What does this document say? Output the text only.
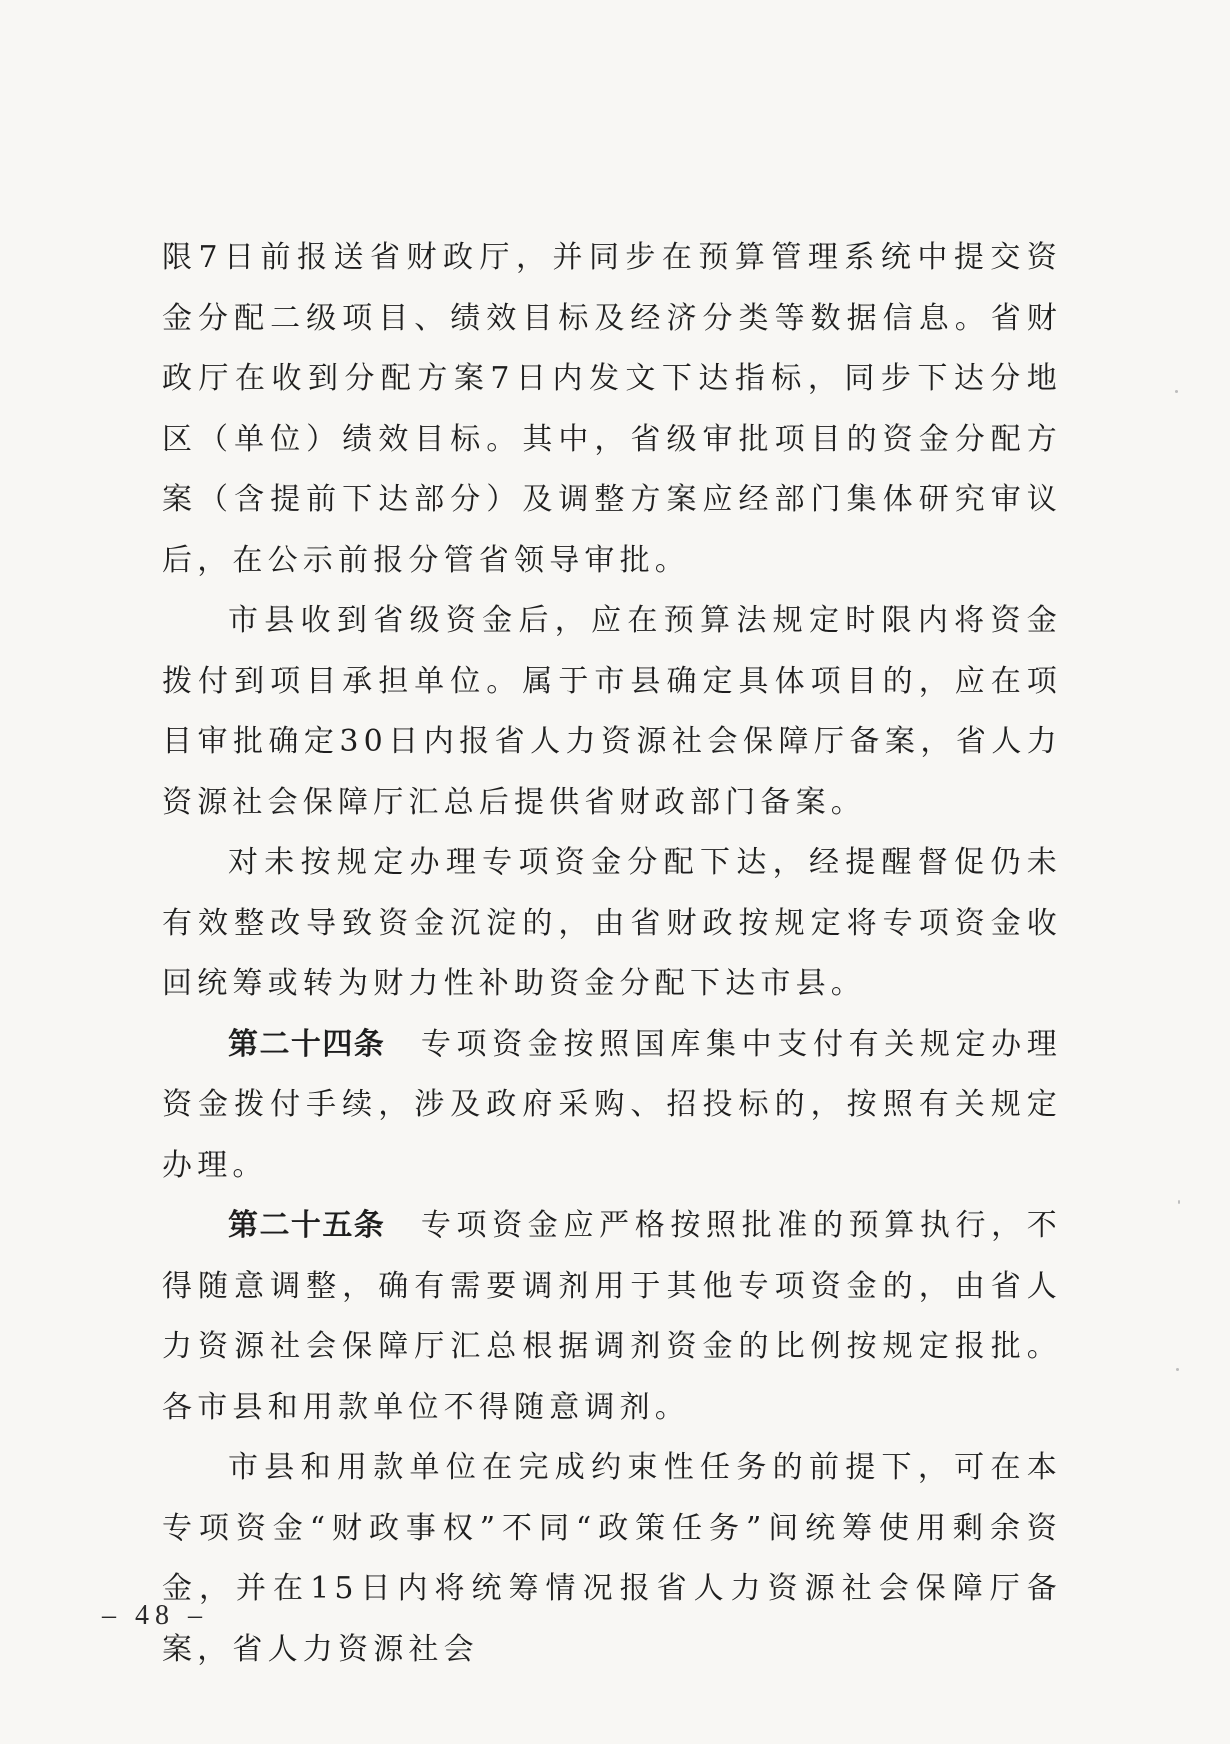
限7日前报送省财政厅，并同步在预算管理系统中提交资金分配二级项目、绩效目标及经济分类等数据信息。省财政厅在收到分配方案7日内发文下达指标，同步下达分地区（单位）绩效目标。其中，省级审批项目的资金分配方案（含提前下达部分）及调整方案应经部门集体研究审议后，在公示前报分管省领导审批。

市县收到省级资金后，应在预算法规定时限内将资金拨付到项目承担单位。属于市县确定具体项目的，应在项目审批确定30日内报省人力资源社会保障厅备案，省人力资源社会保障厅汇总后提供省财政部门备案。

对未按规定办理专项资金分配下达，经提醒督促仍未有效整改导致资金沉淀的，由省财政按规定将专项资金收回统筹或转为财力性补助资金分配下达市县。

第二十四条　 专项资金按照国库集中支付有关规定办理资金拨付手续，涉及政府采购、招投标的，按照有关规定办理。

第二十五条　 专项资金应严格按照批准的预算执行，不得随意调整，确有需要调剂用于其他专项资金的，由省人力资源社会保障厅汇总根据调剂资金的比例按规定报批。各市县和用款单位不得随意调剂。

市县和用款单位在完成约束性任务的前提下，可在本专项资金“财政事权”不同“政策任务”间统筹使用剩余资金，并在15日内将统筹情况报省人力资源社会保障厅备案，省人力资源社会

– 48 –
